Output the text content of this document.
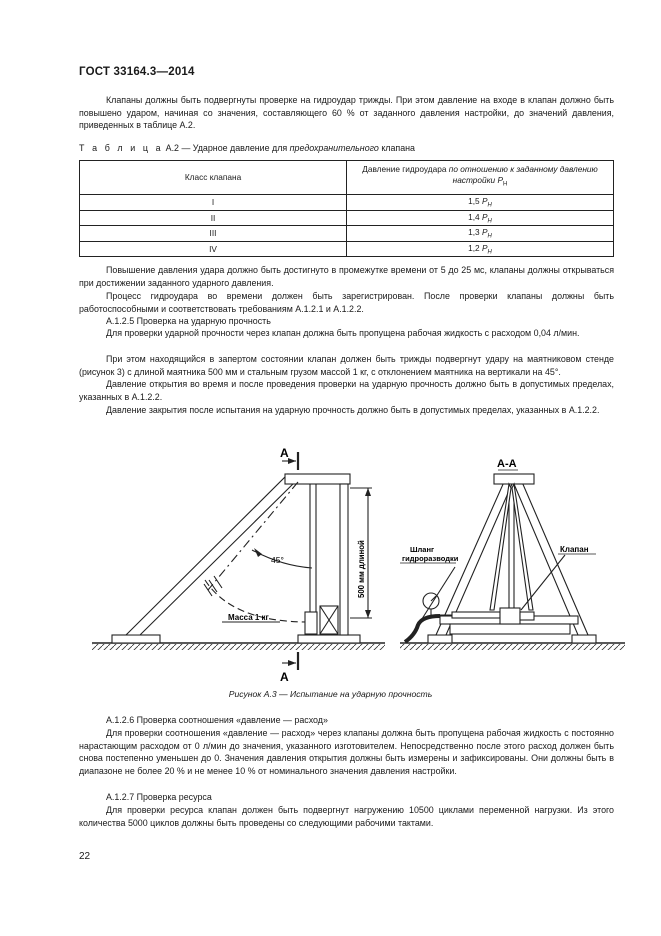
ГОСТ 33164.3—2014
Клапаны должны быть подвергнуты проверке на гидроудар трижды. При этом давление на входе в клапан должно быть повышено ударом, начиная со значения, составляющего 60 % от заданного давления настройки, до значений давления, приведенных в таблице А.2.
Т а б л и ц а А.2 — Ударное давление для предохранительного клапана
Класс клапана	Давление гидроудара по отношению к заданному давлению настройки $P_Н$
I	1,5 $P_Н$
II	1,4 $P_Н$
III	1,3 $P_Н$
IV	1,2 $P_Н$
Повышение давления удара должно быть достигнуто в промежутке времени от 5 до 25 мс, клапаны должны открываться при достижении заданного ударного давления.
Процесс гидроудара во времени должен быть зарегистрирован. После проверки клапаны должны быть работоспособными и соответствовать требованиям А.1.2.1 и А.1.2.2.
А.1.2.5 Проверка на ударную прочность
Для проверки ударной прочности через клапан должна быть пропущена рабочая жидкость с расходом 0,04 л/мин.
При этом находящийся в запертом состоянии клапан должен быть трижды подвергнут удару на маятниковом стенде (рисунок 3) с длиной маятника 500 мм и стальным грузом массой 1 кг, с отклонением маятника на вертикали на 45°.
Давление открытия во время и после проведения проверки на ударную прочность должно быть в допустимых пределах, указанных в А.1.2.2.
Давление закрытия после испытания на ударную прочность должно быть в допустимых пределах, указанных в А.1.2.2.
А
А
А-А
45°	500 мм длиной
Масса 1 кг
Шланг
гидроразводки
Клапан
Рисунок А.3 — Испытание на ударную прочность
А.1.2.6 Проверка соотношения «давление — расход»
Для проверки соотношения «давление — расход» через клапаны должна быть пропущена рабочая жидкость с постоянно нарастающим расходом от 0 л/мин до значения, указанного изготовителем. Непосредственно после этого расход должен быть снова постепенно уменьшен до 0. Значения давления открытия должны быть измерены и зафиксированы. Они должны быть в диапазоне не более 20 % и не менее 10 % от номинального значения давления настройки.
А.1.2.7 Проверка ресурса
Для проверки ресурса клапан должен быть подвергнут нагружению 10500 циклами переменной нагрузки. Из этого количества 5000 циклов должны быть проведены со следующими рабочими тактами.
22
